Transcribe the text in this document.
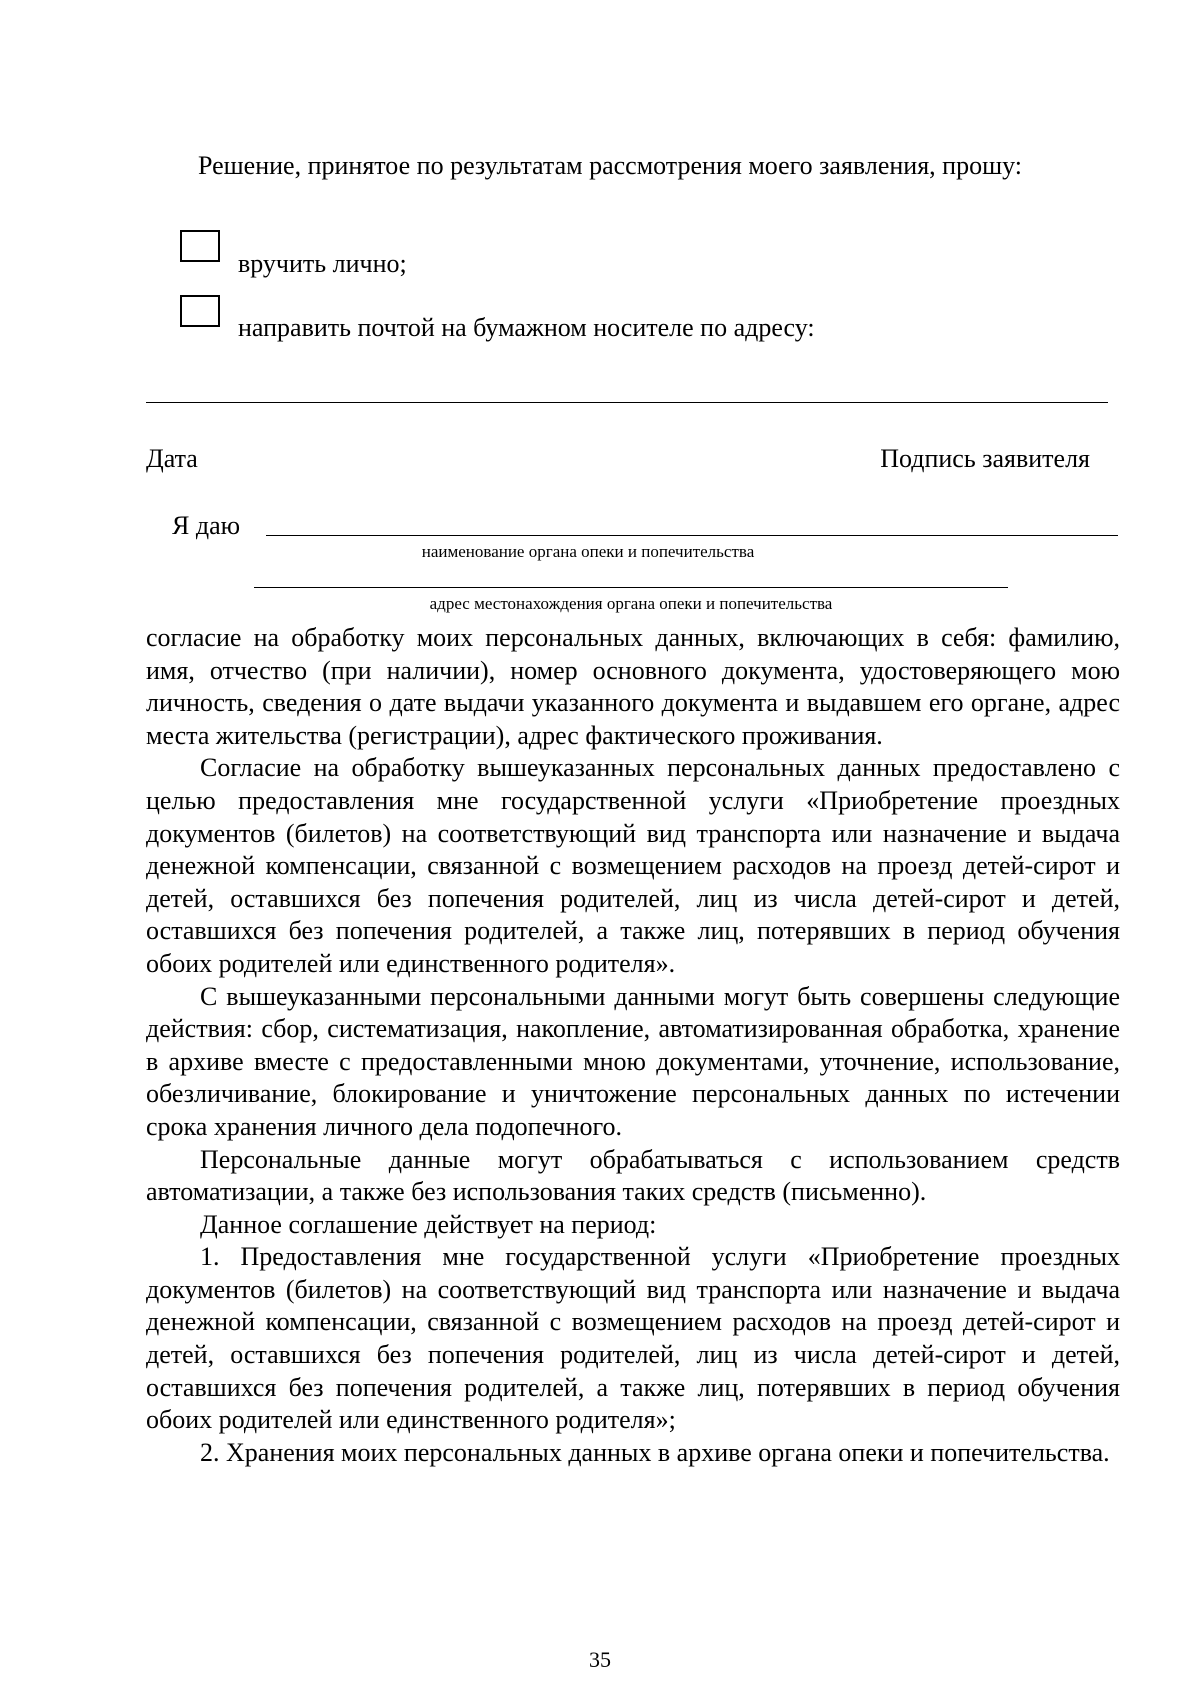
Решение, принятое по результатам рассмотрения моего заявления, прошу:
вручить лично;
направить почтой на бумажном носителе по адресу:
Дата	Подпись заявителя
Я даю
наименование органа опеки и попечительства
адрес местонахождения органа опеки и попечительства

согласие на обработку моих персональных данных, включающих в себя: фамилию, имя, отчество (при наличии), номер основного документа, удостоверяющего мою личность, сведения о дате выдачи указанного документа и выдавшем его органе, адрес места жительства (регистрации), адрес фактического проживания.

Согласие на обработку вышеуказанных персональных данных предоставлено с целью предоставления мне государственной услуги «Приобретение проездных документов (билетов) на соответствующий вид транспорта или назначение и выдача денежной компенсации, связанной с возмещением расходов на проезд детей-сирот и детей, оставшихся без попечения родителей, лиц из числа детей-сирот и детей, оставшихся без попечения родителей, а также лиц, потерявших в период обучения обоих родителей или единственного родителя».

С вышеуказанными персональными данными могут быть совершены следующие действия: сбор, систематизация, накопление, автоматизированная обработка, хранение в архиве вместе с предоставленными мною документами, уточнение, использование, обезличивание, блокирование и уничтожение персональных данных по истечении срока хранения личного дела подопечного.

Персональные данные могут обрабатываться с использованием средств автоматизации, а также без использования таких средств (письменно).

Данное соглашение действует на период:

1. Предоставления мне государственной услуги «Приобретение проездных документов (билетов) на соответствующий вид транспорта или назначение и выдача денежной компенсации, связанной с возмещением расходов на проезд детей-сирот и детей, оставшихся без попечения родителей, лиц из числа детей-сирот и детей, оставшихся без попечения родителей, а также лиц, потерявших в период обучения обоих родителей или единственного родителя»;

2. Хранения моих персональных данных в архиве органа опеки и попечительства.

35
